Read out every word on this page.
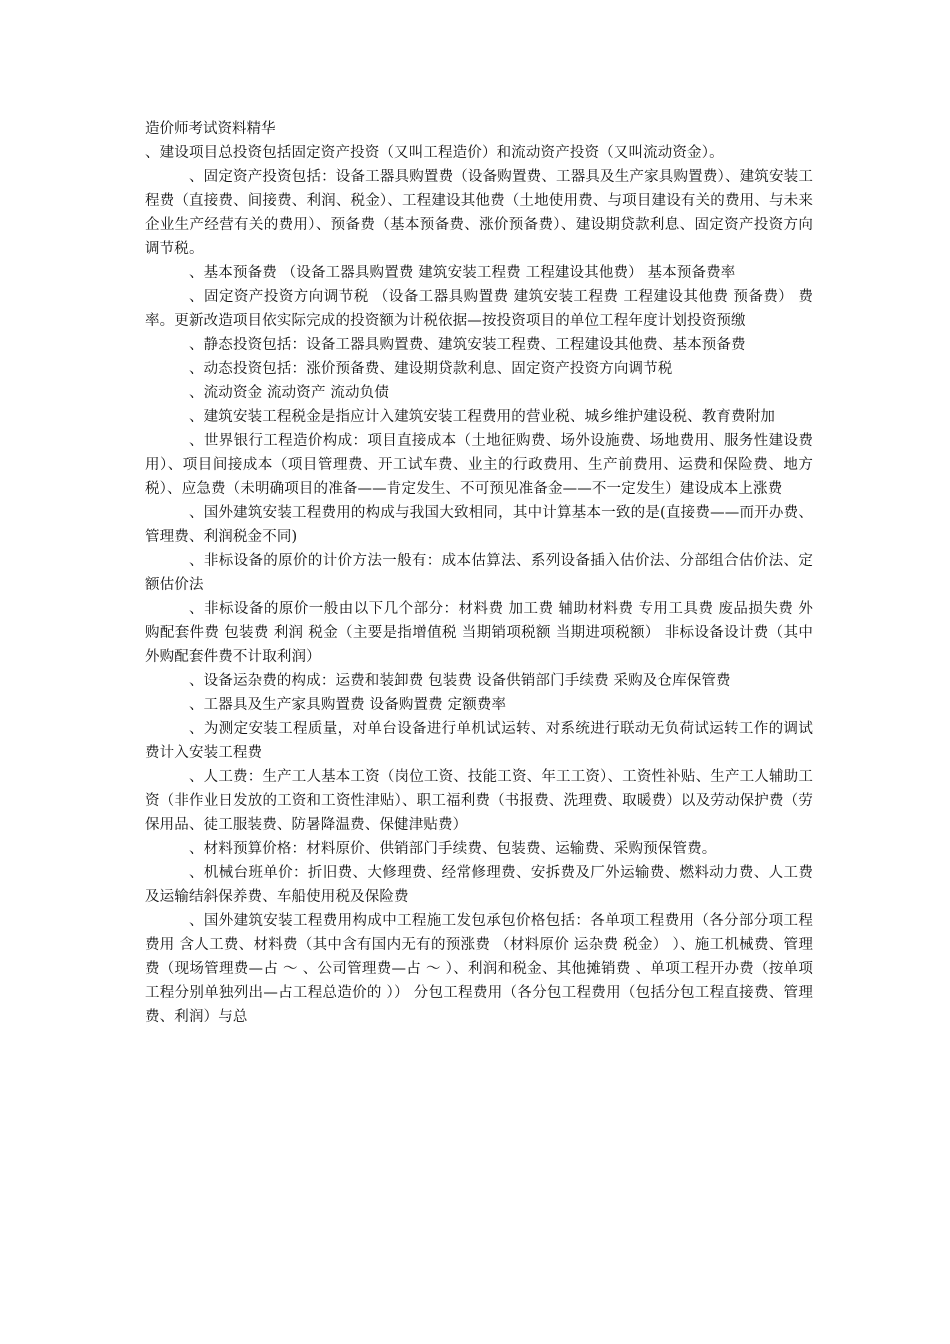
造价师考试资料精华

、建设项目总投资包括固定资产投资（又叫工程造价）和流动资产投资（又叫流动资金）。

、固定资产投资包括：设备工器具购置费（设备购置费、工器具及生产家具购置费）、建筑安装工程费（直接费、间接费、利润、税金）、工程建设其他费（土地使用费、与项目建设有关的费用、与未来企业生产经营有关的费用）、预备费（基本预备费、涨价预备费）、建设期贷款利息、固定资产投资方向调节税。

、基本预备费 （设备工器具购置费 建筑安装工程费 工程建设其他费） 基本预备费率

、固定资产投资方向调节税 （设备工器具购置费 建筑安装工程费 工程建设其他费 预备费） 费率。更新改造项目依实际完成的投资额为计税依据—按投资项目的单位工程年度计划投资预缴

、静态投资包括：设备工器具购置费、建筑安装工程费、工程建设其他费、基本预备费

、动态投资包括：涨价预备费、建设期贷款利息、固定资产投资方向调节税

、流动资金 流动资产 流动负债

、建筑安装工程税金是指应计入建筑安装工程费用的营业税、城乡维护建设税、教育费附加

、世界银行工程造价构成：项目直接成本（土地征购费、场外设施费、场地费用、服务性建设费用）、项目间接成本（项目管理费、开工试车费、业主的行政费用、生产前费用、运费和保险费、地方税）、应急费（未明确项目的准备——肯定发生、不可预见准备金——不一定发生）建设成本上涨费

、国外建筑安装工程费用的构成与我国大致相同，其中计算基本一致的是(直接费——而开办费、管理费、利润税金不同)

、非标设备的原价的计价方法一般有：成本估算法、系列设备插入估价法、分部组合估价法、定额估价法

、非标设备的原价一般由以下几个部分：材料费 加工费 辅助材料费 专用工具费 废品损失费 外购配套件费 包装费 利润 税金（主要是指增值税 当期销项税额 当期进项税额） 非标设备设计费（其中外购配套件费不计取利润）

、设备运杂费的构成：运费和装卸费 包装费 设备供销部门手续费 采购及仓库保管费

、工器具及生产家具购置费 设备购置费 定额费率

、为测定安装工程质量，对单台设备进行单机试运转、对系统进行联动无负荷试运转工作的调试费计入安装工程费

、人工费：生产工人基本工资（岗位工资、技能工资、年工工资）、工资性补贴、生产工人辅助工资（非作业日发放的工资和工资性津贴）、职工福利费（书报费、洗理费、取暖费）以及劳动保护费（劳保用品、徒工服装费、防暑降温费、保健津贴费）

、材料预算价格：材料原价、供销部门手续费、包装费、运输费、采购预保管费。

、机械台班单价：折旧费、大修理费、经常修理费、安拆费及厂外运输费、燃料动力费、人工费及运输结斜保养费、车船使用税及保险费

、国外建筑安装工程费用构成中工程施工发包承包价格包括：各单项工程费用（各分部分项工程费用 含人工费、材料费（其中含有国内无有的预涨费 （材料原价 运杂费 税金） ）、施工机械费、管理费（现场管理费—占 ～ 、公司管理费—占 ～ ）、利润和税金、其他摊销费 、单项工程开办费（按单项工程分别单独列出—占工程总造价的 ）） 分包工程费用（各分包工程费用（包括分包工程直接费、管理费、利润）与总
